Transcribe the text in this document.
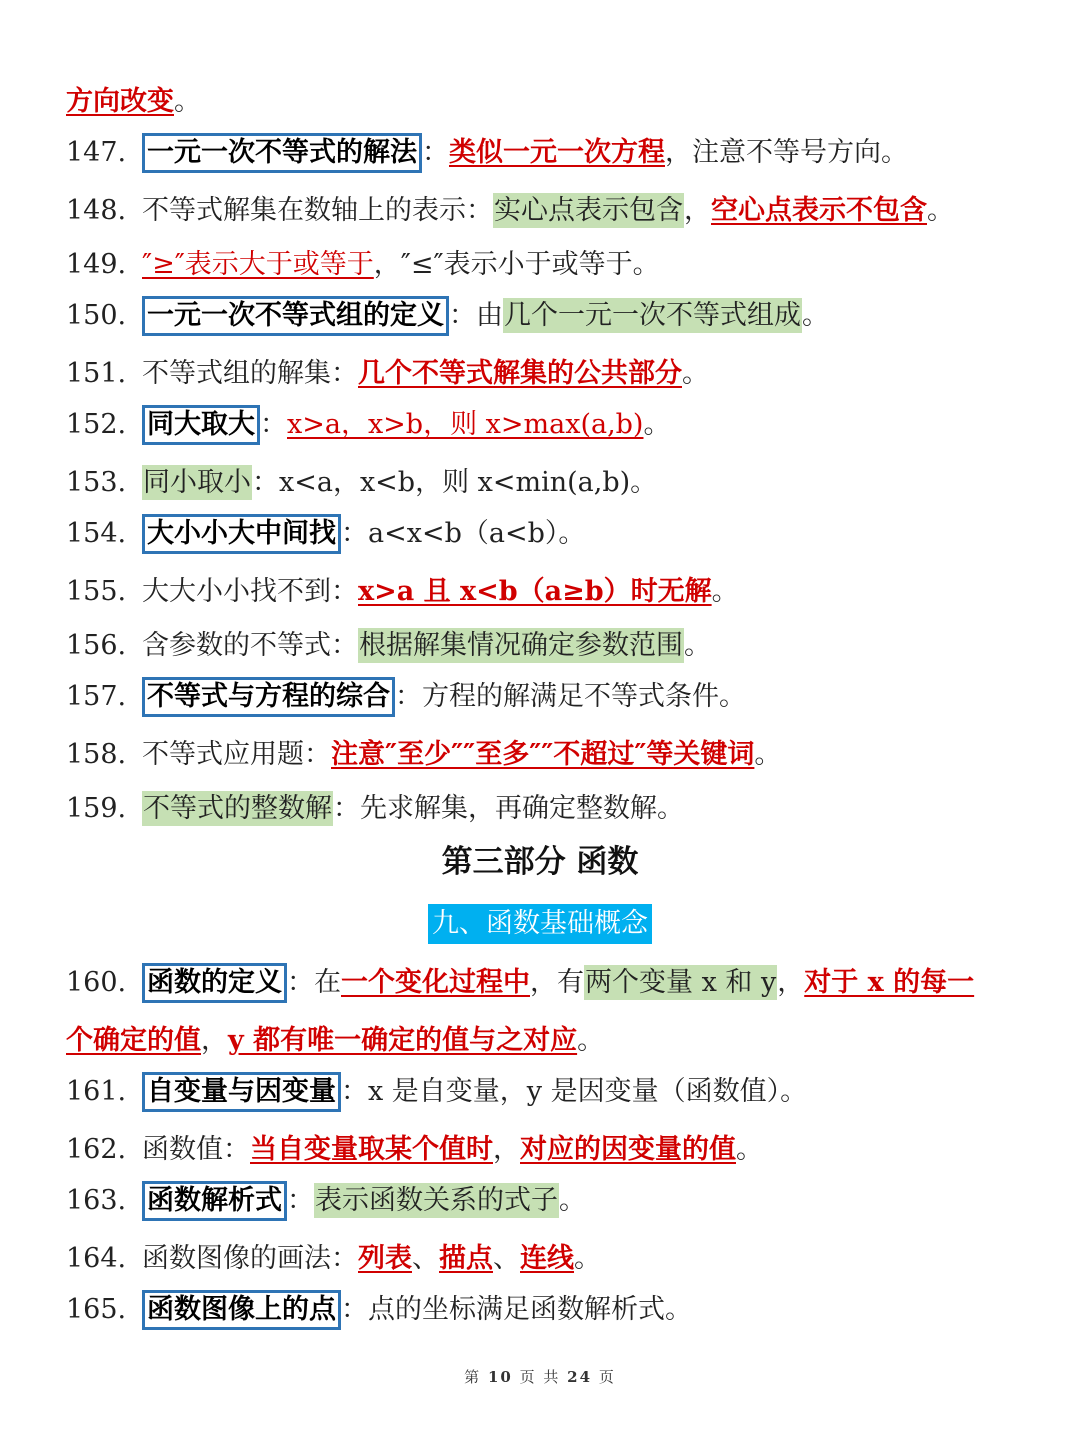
方向改变。
147. 一元一次不等式的解法 ：类似一元一次方程，注意不等号方向。
148. 不等式解集在数轴上的表示：实心点表示包含，空心点表示不包含。
149. ″≥″表示大于或等于，″≤″表示小于或等于。
150. 一元一次不等式组的定义 ：由几个一元一次不等式组成。
151. 不等式组的解集：几个不等式解集的公共部分。
152. 同大取大 ：x>a，x>b，则 x>max(a,b)。
153. 同小取小：x<a，x<b，则 x<min(a,b)。
154. 大小小大中间找 ：a<x<b（a<b）。
155. 大大小小找不到：x>a 且 x<b（a≥b）时无解。
156. 含参数的不等式：根据解集情况确定参数范围。
157. 不等式与方程的综合 ：方程的解满足不等式条件。
158. 不等式应用题：注意″至少″″至多″″不超过″等关键词。
159. 不等式的整数解：先求解集，再确定整数解。
第三部分 函数
九、函数基础概念
160. 函数的定义 ：在一个变化过程中，有两个变量 x 和 y，对于 x 的每一
个确定的值，y 都有唯一确定的值与之对应。
161. 自变量与因变量 ：x 是自变量，y 是因变量（函数值）。
162. 函数值：当自变量取某个值时，对应的因变量的值。
163. 函数解析式 ：表示函数关系的式子。
164. 函数图像的画法：列表、描点、连线。
165. 函数图像上的点 ：点的坐标满足函数解析式。
第 10 页 共 24 页
